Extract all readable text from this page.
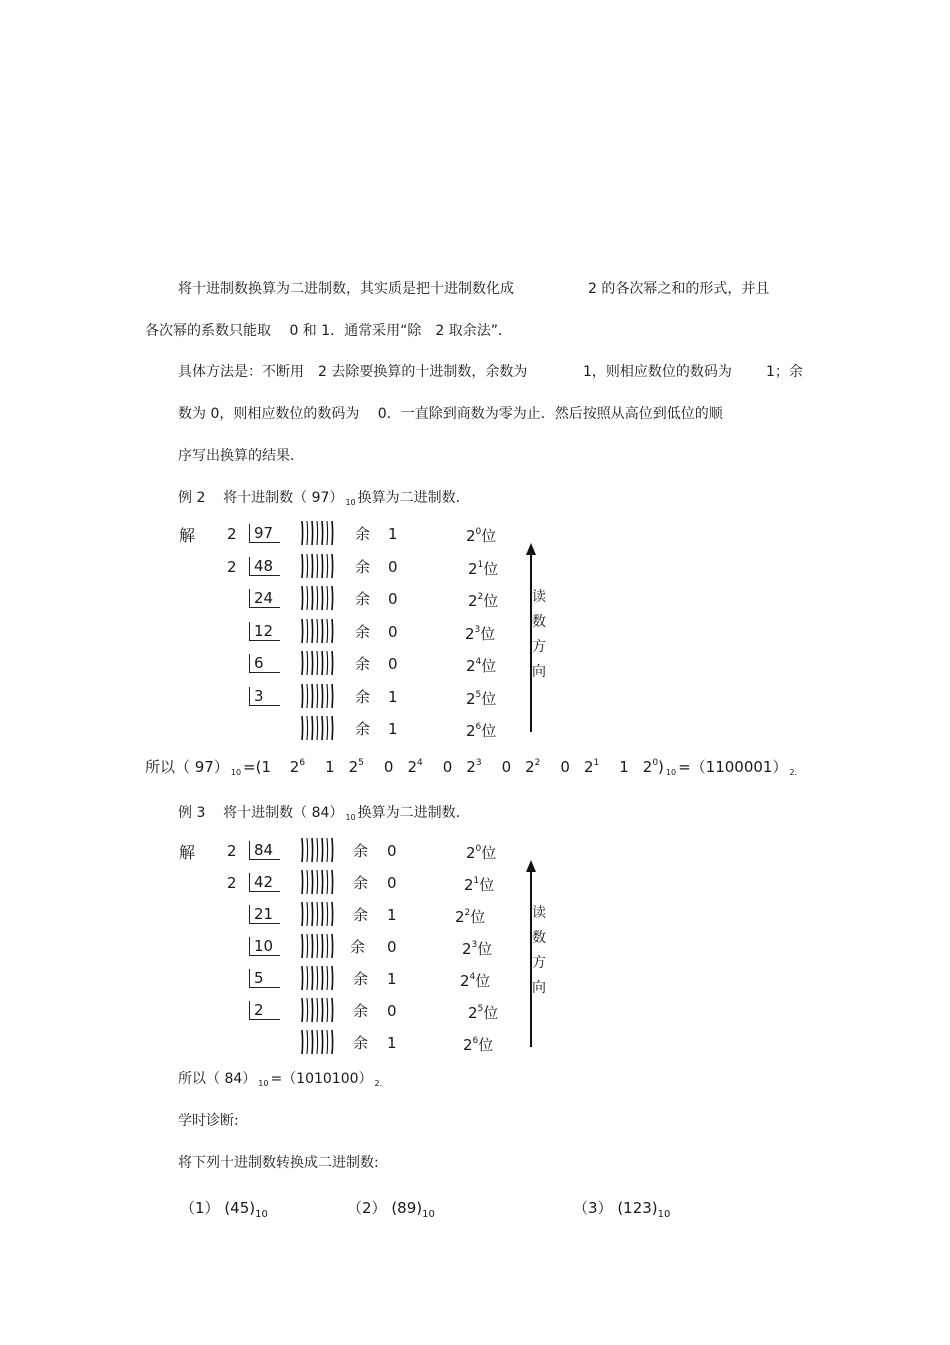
将十进制数换算为二进制数，其实质是把十进制数化成	2 的各次幂之和的形式，并且
各次幂的系数只能取　 0 和 1．通常采用“除　2 取余法”．
具体方法是：不断用　2 去除要换算的十进制数，余数为	1，则相应数位的数码为 1；余
数为 0，则相应数位的数码为　 0．一直除到商数为零为止．然后按照从高位到低位的顺
序写出换算的结果.
例 2 将十进制数（ 97） $_{10}$ 换算为二进制数.
解 2	97	余 1	$2^0$位
2	48	余 0	$2^1$位
24	余 0	$2^2$位
12	余 0	$2^3$位
6	余 0	$2^4$位
3	余 1	$2^5$位
余 1	$2^6$位
读
数
方
向
所以（ 97） $_{10}$ =(1 $2^6$ 1 $2^5$ 0 $2^4$ 0 $2^3$ 0 $2^2$ 0 $2^1$ 1 $2^0$) $_{10}$ =（1100001） $_{2.}$
例 3 将十进制数（ 84） $_{10}$ 换算为二进制数.
解 2	84	余 0	$2^0$位
2	42	余 0	$2^1$位
21	余 1	$2^2$位
10	余 0	$2^3$位
5	余 1	$2^4$位
2	余 0	$2^5$位
余 1	$2^6$位
读
数
方
向
所以（ 84） $_{10}$ =（1010100） $_{2.}$
学时诊断:
将下列十进制数转换成二进制数:
（1） $(45)_{10}$	（2） $(89)_{10}$	（3） $(123)_{10}$
